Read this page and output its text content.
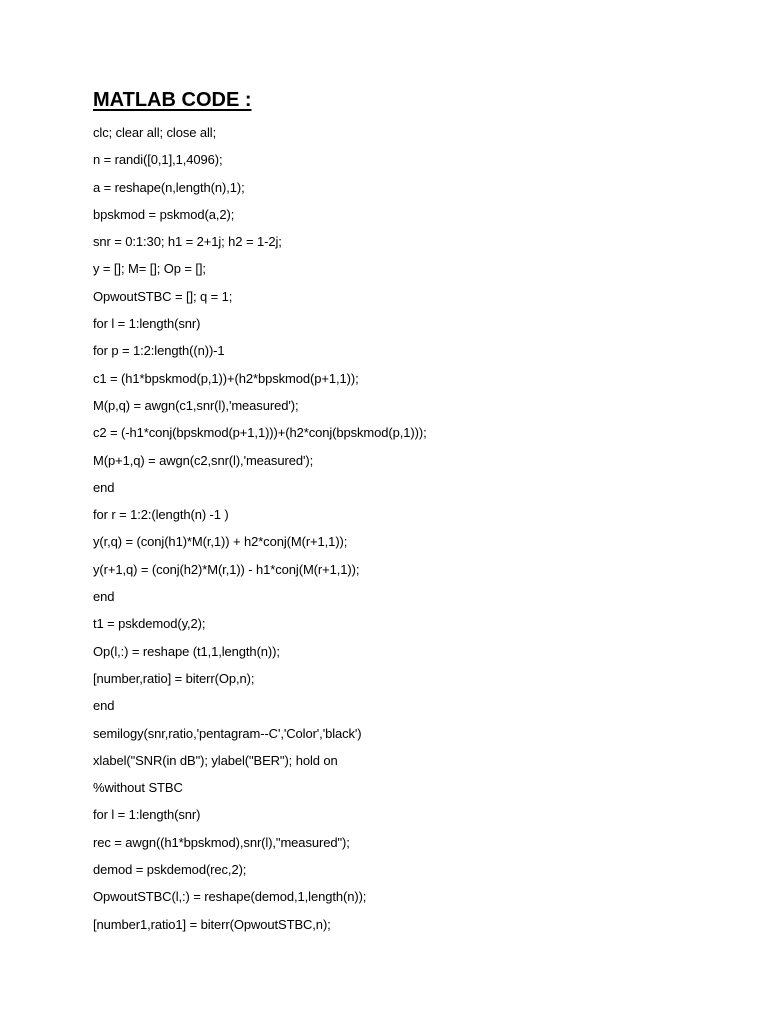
MATLAB CODE :
clc; clear all; close all;
n = randi([0,1],1,4096);
a = reshape(n,length(n),1);
bpskmod = pskmod(a,2);
snr = 0:1:30; h1 = 2+1j; h2 = 1-2j;
y = []; M= []; Op = [];
OpwoutSTBC = []; q = 1;
for l = 1:length(snr)
for p = 1:2:length((n))-1
c1 = (h1*bpskmod(p,1))+(h2*bpskmod(p+1,1));
M(p,q) = awgn(c1,snr(l),'measured');
c2 = (-h1*conj(bpskmod(p+1,1)))+(h2*conj(bpskmod(p,1)));
M(p+1,q) = awgn(c2,snr(l),'measured');
end
for r = 1:2:(length(n) -1 )
y(r,q) = (conj(h1)*M(r,1)) + h2*conj(M(r+1,1));
y(r+1,q) = (conj(h2)*M(r,1)) - h1*conj(M(r+1,1));
end
t1 = pskdemod(y,2);
Op(l,:) = reshape (t1,1,length(n));
[number,ratio] = biterr(Op,n);
end
semilogy(snr,ratio,'pentagram--C','Color','black')
xlabel("SNR(in dB"); ylabel("BER"); hold on
%without STBC
for l = 1:length(snr)
rec = awgn((h1*bpskmod),snr(l),"measured");
demod = pskdemod(rec,2);
OpwoutSTBC(l,:) = reshape(demod,1,length(n));
[number1,ratio1] = biterr(OpwoutSTBC,n);
